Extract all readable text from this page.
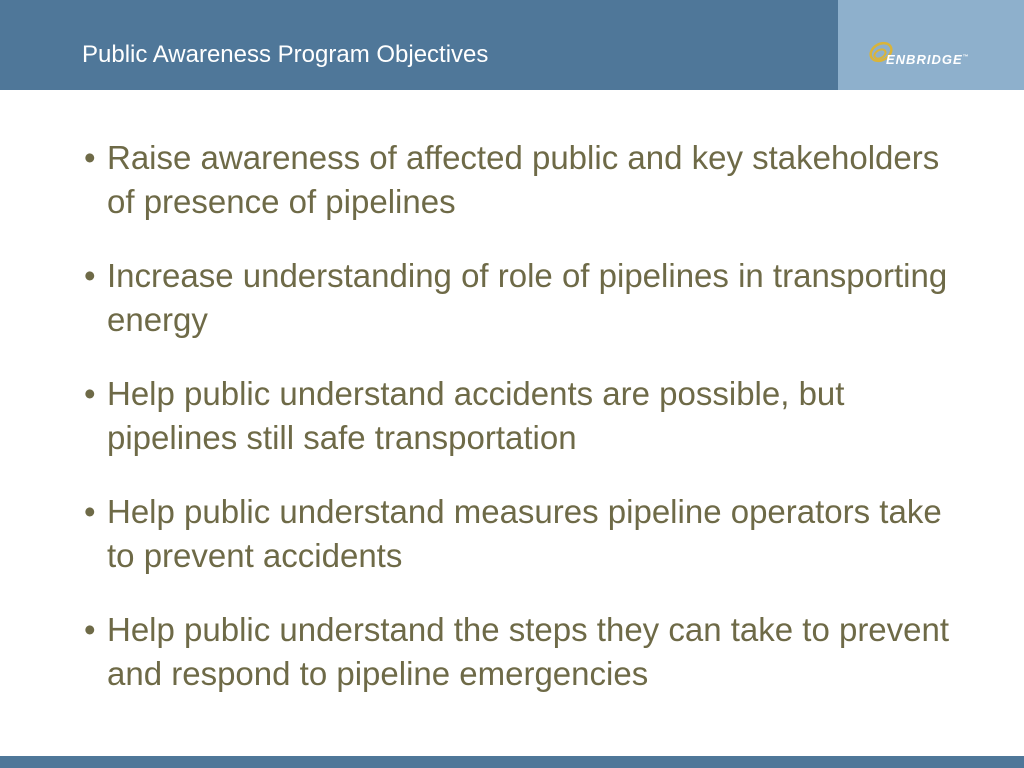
Public Awareness Program Objectives	ENBRIDGE™
• Raise awareness of affected public and key stakeholders of presence of pipelines
• Increase understanding of role of pipelines in transporting energy
• Help public understand accidents are possible, but pipelines still safe transportation
• Help public understand measures pipeline operators take to prevent accidents
• Help public understand the steps they can take to prevent and respond to pipeline emergencies
